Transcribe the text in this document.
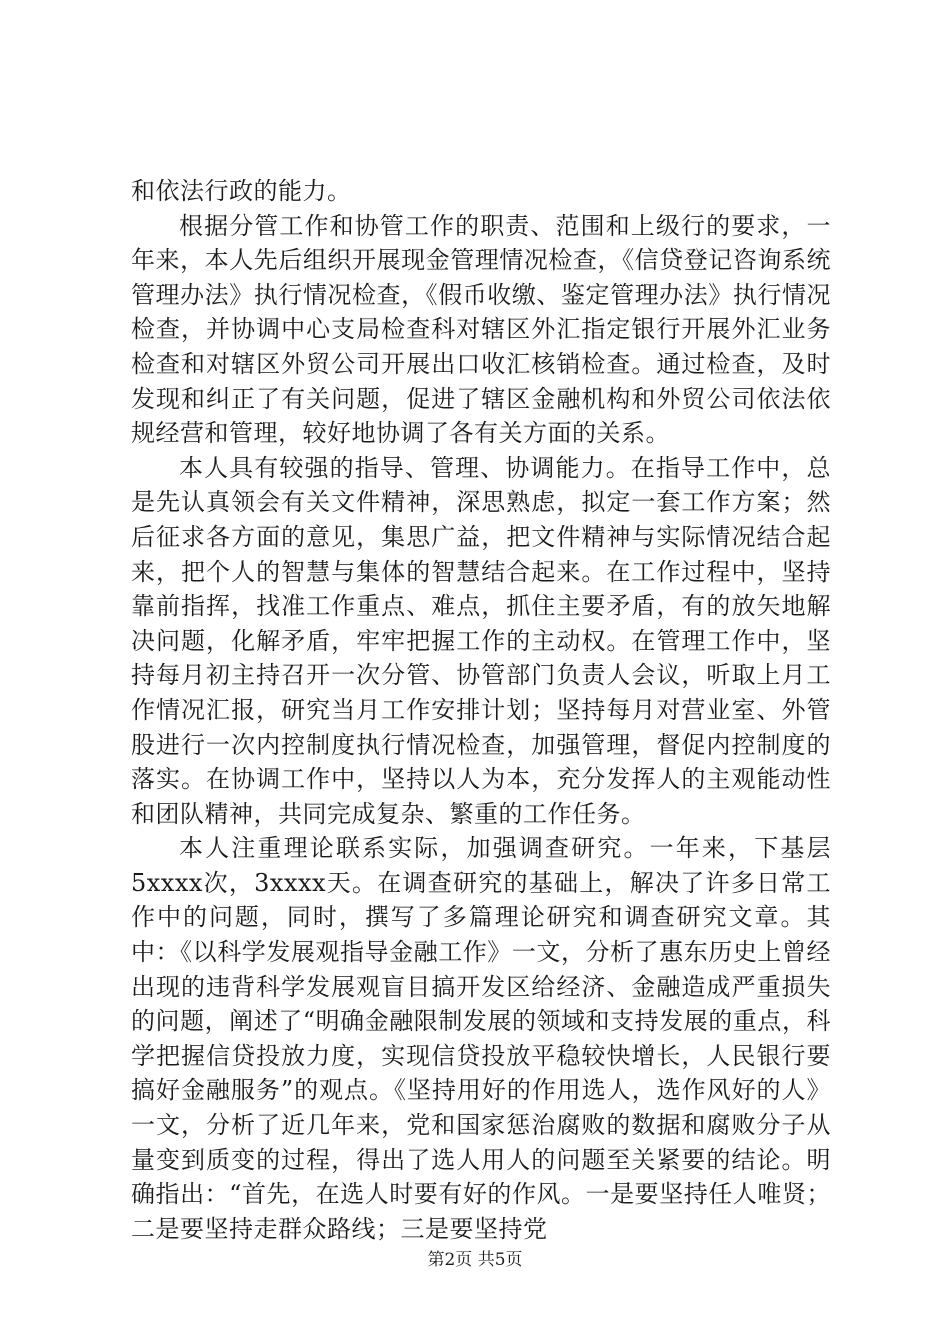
和依法行政的能力。

根据分管工作和协管工作的职责、范围和上级行的要求，一年来，本人先后组织开展现金管理情况检查，《信贷登记咨询系统管理办法》执行情况检查，《假币收缴、鉴定管理办法》执行情况检查，并协调中心支局检查科对辖区外汇指定银行开展外汇业务检查和对辖区外贸公司开展出口收汇核销检查。通过检查，及时发现和纠正了有关问题，促进了辖区金融机构和外贸公司依法依规经营和管理，较好地协调了各有关方面的关系。

本人具有较强的指导、管理、协调能力。在指导工作中，总是先认真领会有关文件精神，深思熟虑，拟定一套工作方案；然后征求各方面的意见，集思广益，把文件精神与实际情况结合起来，把个人的智慧与集体的智慧结合起来。在工作过程中，坚持靠前指挥，找准工作重点、难点，抓住主要矛盾，有的放矢地解决问题，化解矛盾，牢牢把握工作的主动权。在管理工作中，坚持每月初主持召开一次分管、协管部门负责人会议，听取上月工作情况汇报，研究当月工作安排计划；坚持每月对营业室、外管股进行一次内控制度执行情况检查，加强管理，督促内控制度的落实。在协调工作中，坚持以人为本，充分发挥人的主观能动性和团队精神，共同完成复杂、繁重的工作任务。

本人注重理论联系实际，加强调查研究。一年来，下基层5xxxx次，3xxxx天。在调查研究的基础上，解决了许多日常工作中的问题，同时，撰写了多篇理论研究和调查研究文章。其中：《以科学发展观指导金融工作》一文，分析了惠东历史上曾经出现的违背科学发展观盲目搞开发区给经济、金融造成严重损失的问题，阐述了“明确金融限制发展的领域和支持发展的重点，科学把握信贷投放力度，实现信贷投放平稳较快增长，人民银行要搞好金融服务”的观点。《坚持用好的作用选人，选作风好的人》一文，分析了近几年来，党和国家惩治腐败的数据和腐败分子从量变到质变的过程，得出了选人用人的问题至关紧要的结论。明确指出：“首先，在选人时要有好的作风。一是要坚持任人唯贤；二是要坚持走群众路线；三是要坚持党

第2页 共5页
